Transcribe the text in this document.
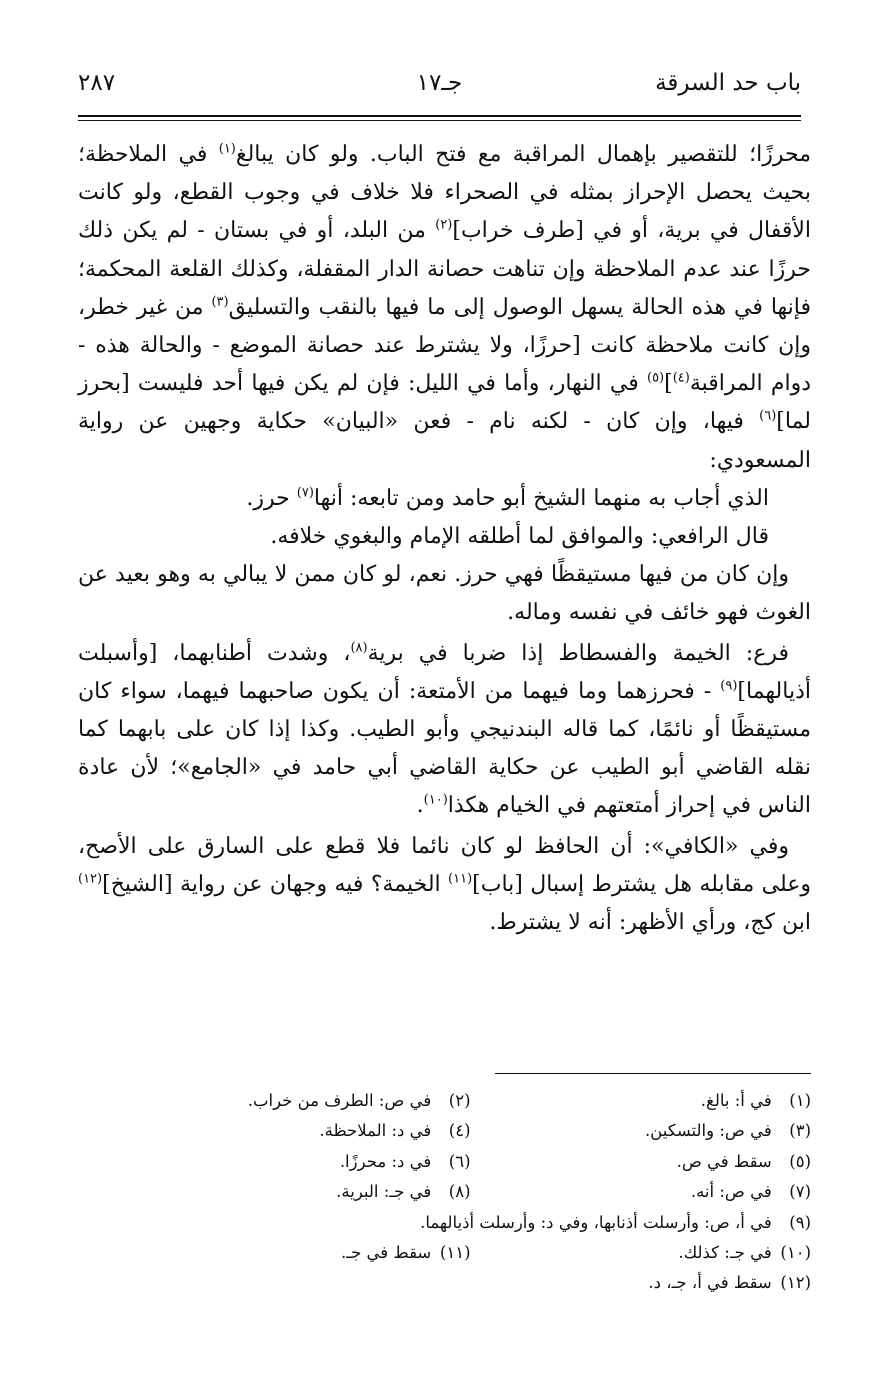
باب حد السرقة
جـ١٧
٢٨٧

محرزًا؛ للتقصير بإهمال المراقبة مع فتح الباب. ولو كان يبالغ$^{(١)}$ في الملاحظة؛ بحيث يحصل الإحراز بمثله في الصحراء فلا خلاف في وجوب القطع، ولو كانت الأقفال في برية، أو في [طرف خراب]$^{(٢)}$ من البلد، أو في بستان - لم يكن ذلك حرزًا عند عدم الملاحظة وإن تناهت حصانة الدار المقفلة، وكذلك القلعة المحكمة؛ فإنها في هذه الحالة يسهل الوصول إلى ما فيها بالنقب والتسليق$^{(٣)}$ من غير خطر، وإن كانت ملاحظة كانت [حرزًا، ولا يشترط عند حصانة الموضع - والحالة هذه - دوام المراقبة$^{(٤)}$]$^{(٥)}$ في النهار، وأما في الليل: فإن لم يكن فيها أحد فليست [بحرز لما]$^{(٦)}$ فيها، وإن كان - لكنه نام - فعن «البيان» حكاية وجهين عن رواية المسعودي:

الذي أجاب به منهما الشيخ أبو حامد ومن تابعه: أنها$^{(٧)}$ حرز.

قال الرافعي: والموافق لما أطلقه الإمام والبغوي خلافه.

وإن كان من فيها مستيقظًا فهي حرز. نعم، لو كان ممن لا يبالي به وهو بعيد عن الغوث فهو خائف في نفسه وماله.

فرع: الخيمة والفسطاط إذا ضربا في برية$^{(٨)}$، وشدت أطنابهما، [وأسبلت أذيالهما]$^{(٩)}$ - فحرزهما وما فيهما من الأمتعة: أن يكون صاحبهما فيهما، سواء كان مستيقظًا أو نائمًا، كما قاله البندنيجي وأبو الطيب. وكذا إذا كان على بابهما كما نقله القاضي أبو الطيب عن حكاية القاضي أبي حامد في «الجامع»؛ لأن عادة الناس في إحراز أمتعتهم في الخيام هكذا$^{(١٠)}$.

وفي «الكافي»: أن الحافظ لو كان نائما فلا قطع على السارق على الأصح، وعلى مقابله هل يشترط إسبال [باب]$^{(١١)}$ الخيمة؟ فيه وجهان عن رواية [الشيخ]$^{(١٢)}$ ابن كج، ورأي الأظهر: أنه لا يشترط.

(١) في أ: بالغ.
(٢) في ص: الطرف من خراب.
(٣) في ص: والتسكين.
(٤) في د: الملاحظة.
(٥) سقط في ص.
(٦) في د: محرزًا.
(٧) في ص: أنه.
(٨) في جـ: البرية.
(٩) في أ، ص: وأرسلت أذنابها، وفي د: وأرسلت أذيالهما.
(١٠) في جـ: كذلك.
(١١) سقط في جـ.
(١٢) سقط في أ، جـ، د.
